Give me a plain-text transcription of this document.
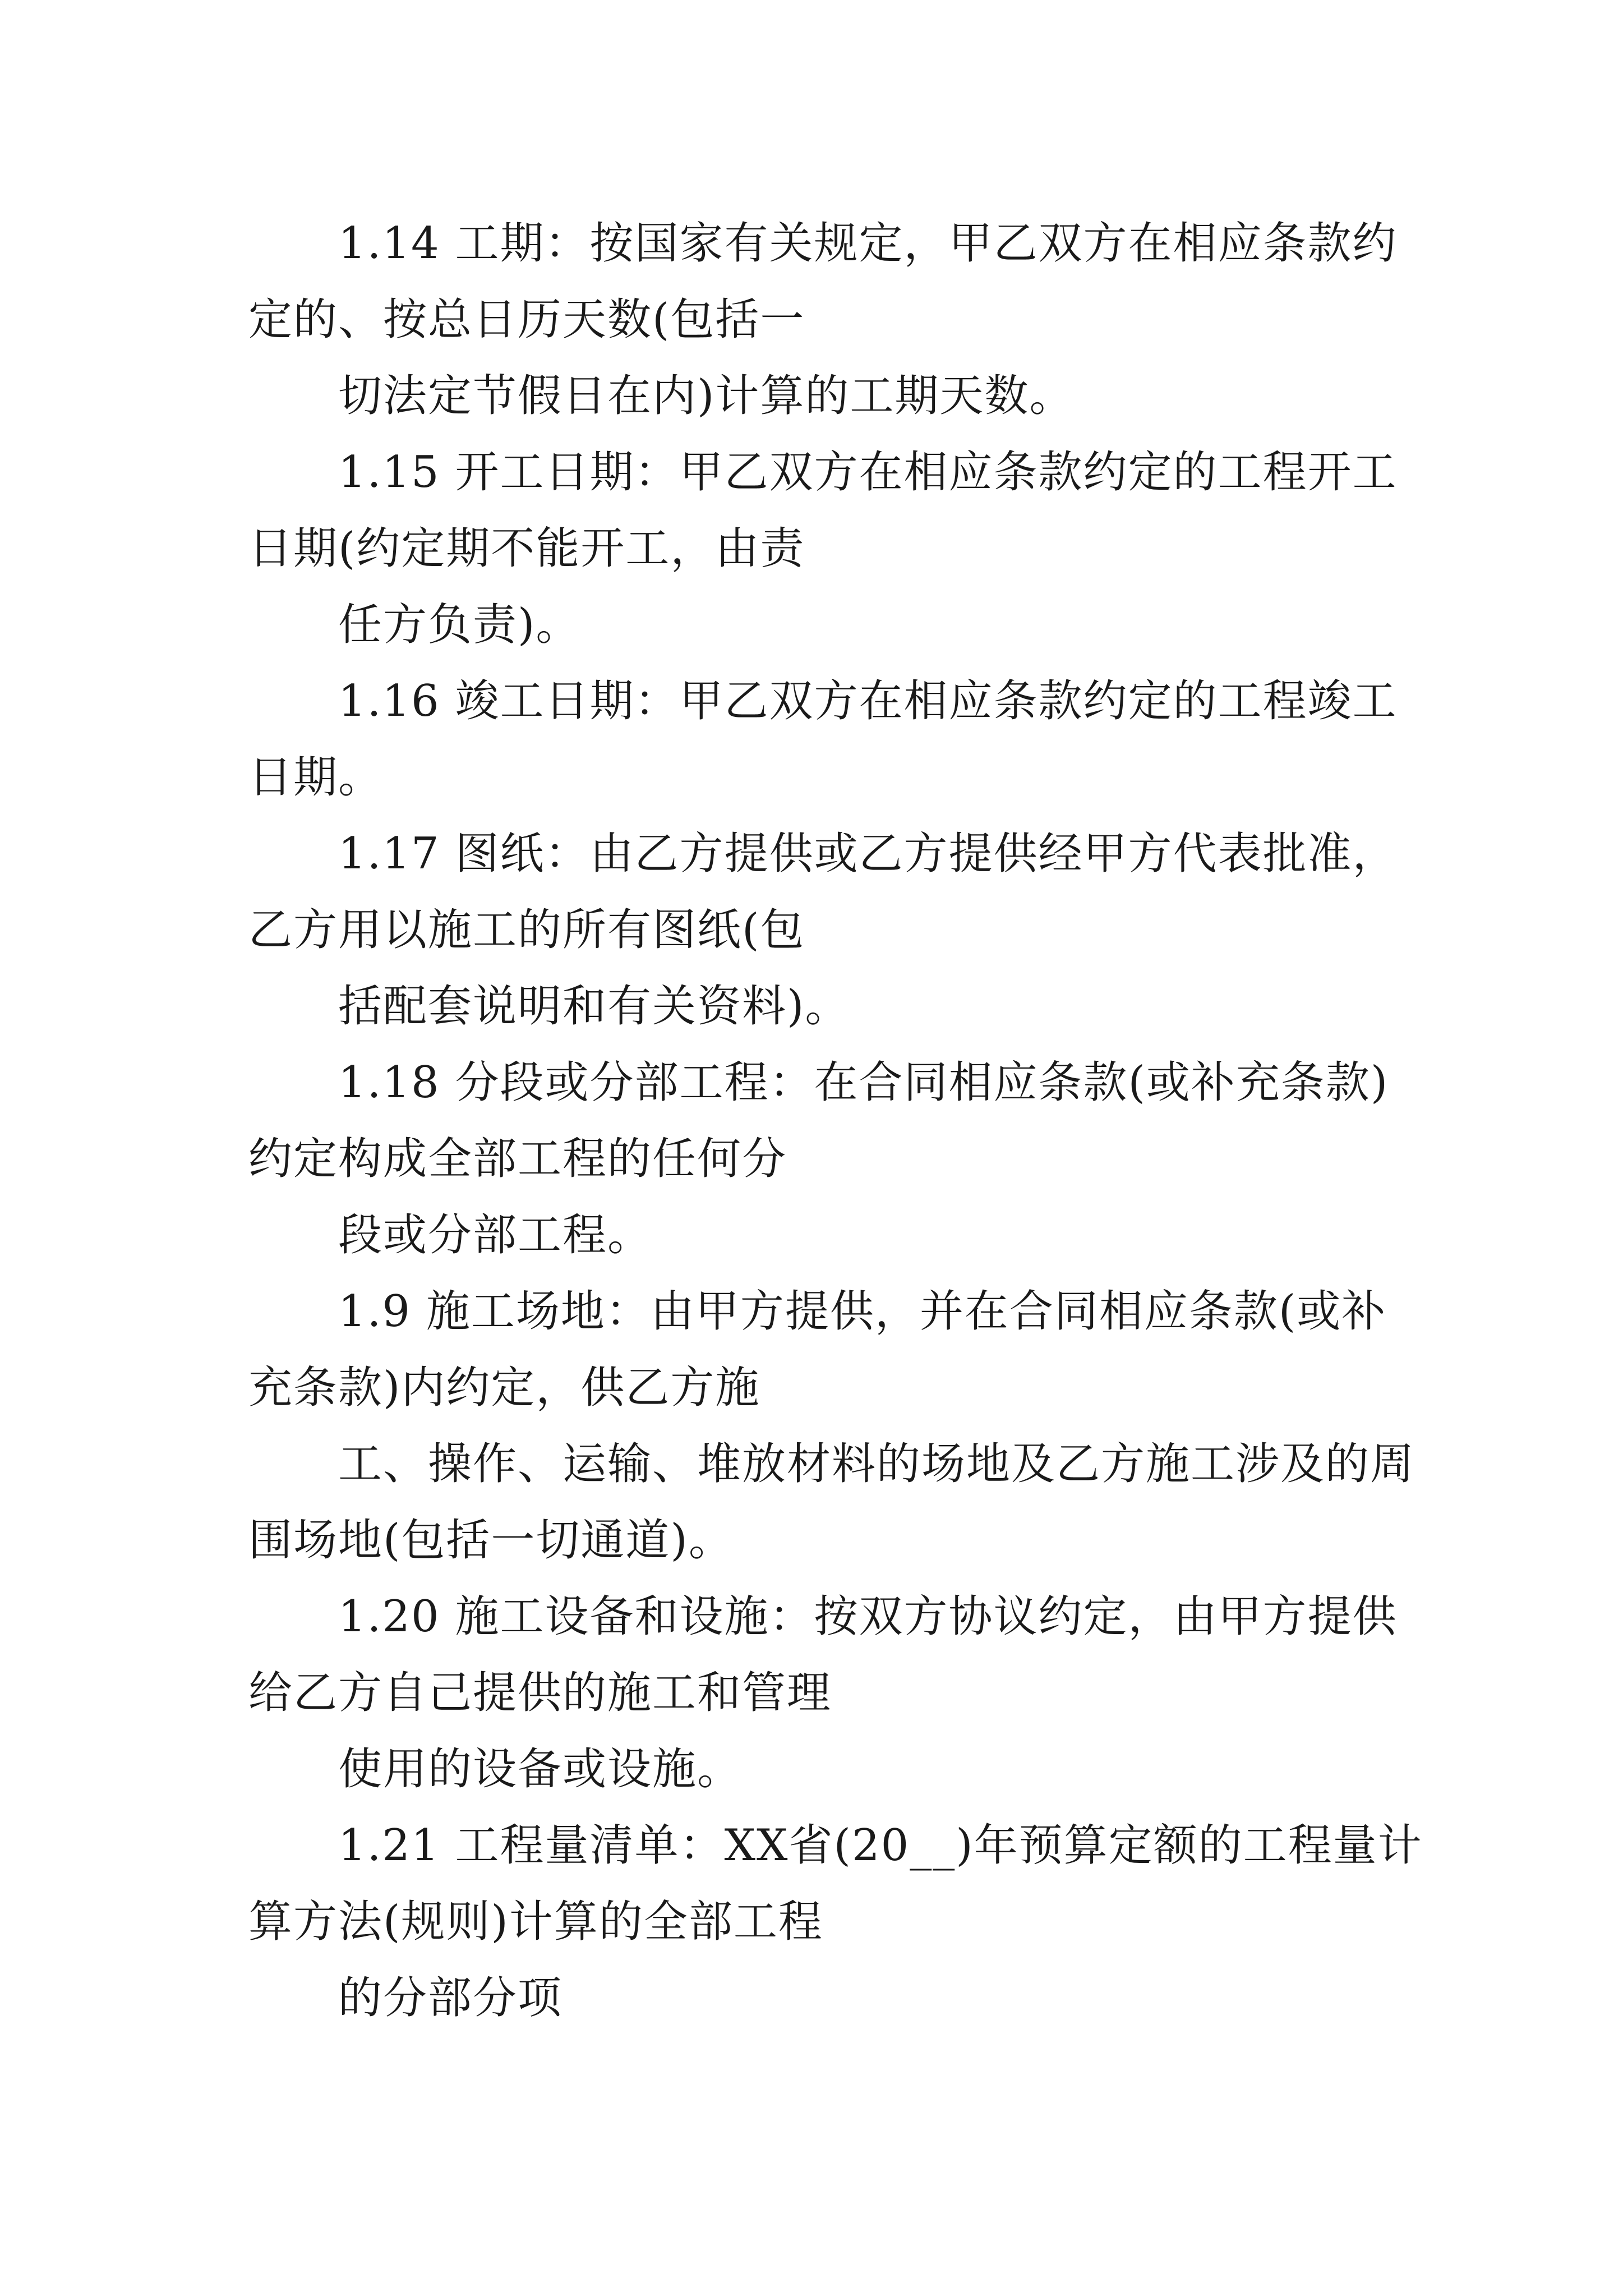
1.14 工期：按国家有关规定，甲乙双方在相应条款约

定的、按总日历天数(包括一

切法定节假日在内)计算的工期天数。

1.15 开工日期：甲乙双方在相应条款约定的工程开工

日期(约定期不能开工，由责

任方负责)。

1.16 竣工日期：甲乙双方在相应条款约定的工程竣工

日期。

1.17 图纸：由乙方提供或乙方提供经甲方代表批准，

乙方用以施工的所有图纸(包

括配套说明和有关资料)。

1.18 分段或分部工程：在合同相应条款(或补充条款)

约定构成全部工程的任何分

段或分部工程。

1.9 施工场地：由甲方提供，并在合同相应条款(或补

充条款)内约定，供乙方施

工、操作、运输、堆放材料的场地及乙方施工涉及的周

围场地(包括一切通道)。

1.20 施工设备和设施：按双方协议约定，由甲方提供

给乙方自己提供的施工和管理

使用的设备或设施。

1.21 工程量清单：XX省(20__)年预算定额的工程量计

算方法(规则)计算的全部工程

的分部分项
